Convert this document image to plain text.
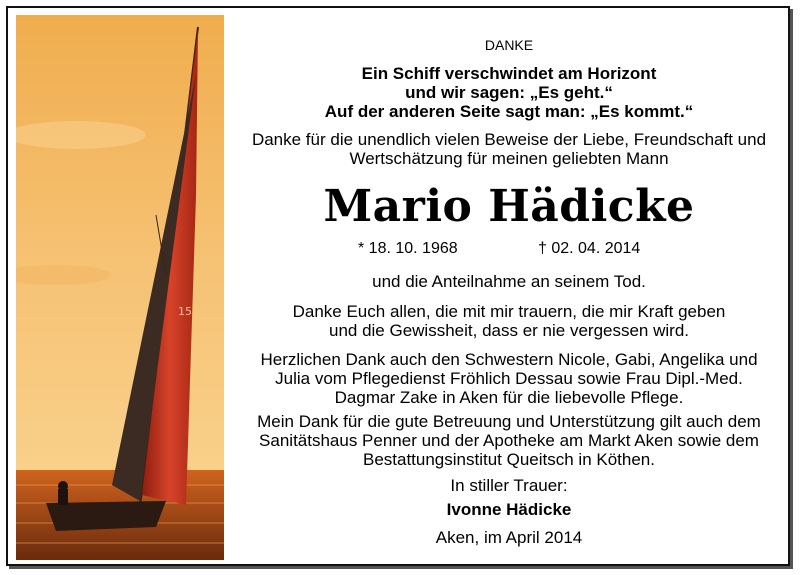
15
DANKE
Ein Schiff verschwindet am Horizont
und wir sagen: „Es geht.“
Auf der anderen Seite sagt man: „Es kommt.“
Danke für die unendlich vielen Beweise der Liebe, Freundschaft und
Wertschätzung für meinen geliebten Mann
Mario Hädicke
* 18. 10. 1968	† 02. 04. 2014
und die Anteilnahme an seinem Tod.
Danke Euch allen, die mit mir trauern, die mir Kraft geben
und die Gewissheit, dass er nie vergessen wird.
Herzlichen Dank auch den Schwestern Nicole, Gabi, Angelika und
Julia vom Pflegedienst Fröhlich Dessau sowie Frau Dipl.-Med.
Dagmar Zake in Aken für die liebevolle Pflege.
Mein Dank für die gute Betreuung und Unterstützung gilt auch dem
Sanitätshaus Penner und der Apotheke am Markt Aken sowie dem
Bestattungsinstitut Queitsch in Köthen.
In stiller Trauer:
Ivonne Hädicke
Aken, im April 2014
